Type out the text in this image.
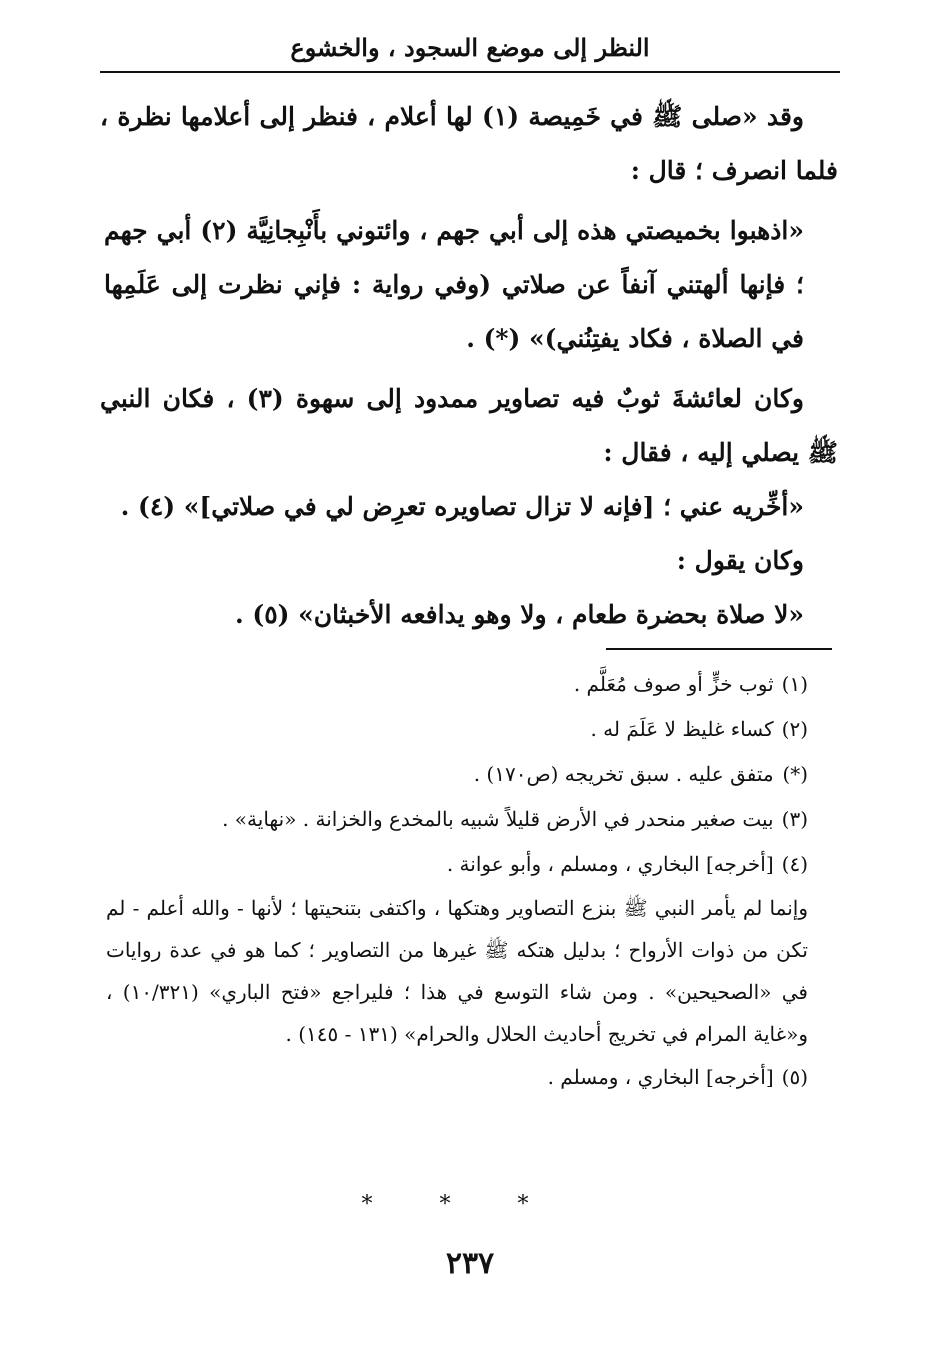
النظر إلى موضع السجود ، والخشوع

وقد «صلى ﷺ في خَمِيصة (١) لها أعلام ، فنظر إلى أعلامها نظرة ، فلما انصرف ؛ قال :

«اذهبوا بخميصتي هذه إلى أبي جهم ، وائتوني بأَنْبِجانِيَّة (٢) أبي جهم ؛ فإنها ألهتني آنفاً عن صلاتي (وفي رواية : فإني نظرت إلى عَلَمِها في الصلاة ، فكاد يفتِنُني)» (*) .

وكان لعائشةَ ثوبٌ فيه تصاوير ممدود إلى سهوة (٣) ، فكان النبي ﷺ يصلي إليه ، فقال :

«أخِّريه عني ؛ [فإنه لا تزال تصاويره تعرِض لي في صلاتي]» (٤) .

وكان يقول :

«لا صلاة بحضرة طعام ، ولا وهو يدافعه الأخبثان» (٥) .

(١) ثوب خزٍّ أو صوف مُعَلَّم .

(٢) كساء غليظ لا عَلَمَ له .

(*) متفق عليه . سبق تخريجه (ص١٧٠) .

(٣) بيت صغير منحدر في الأرض قليلاً شبيه بالمخدع والخزانة . «نهاية» .

(٤) [أخرجه] البخاري ، ومسلم ، وأبو عوانة .

وإنما لم يأمر النبي ﷺ بنزع التصاوير وهتكها ، واكتفى بتنحيتها ؛ لأنها - والله أعلم - لم تكن من ذوات الأرواح ؛ بدليل هتكه ﷺ غيرها من التصاوير ؛ كما هو في عدة روايات في «الصحيحين» . ومن شاء التوسع في هذا ؛ فليراجع «فتح الباري» (١٠/٣٢١) ، و«غاية المرام في تخريج أحاديث الحلال والحرام» (١٣١ - ١٤٥) .

(٥) [أخرجه] البخاري ، ومسلم .

* * *
٢٣٧
